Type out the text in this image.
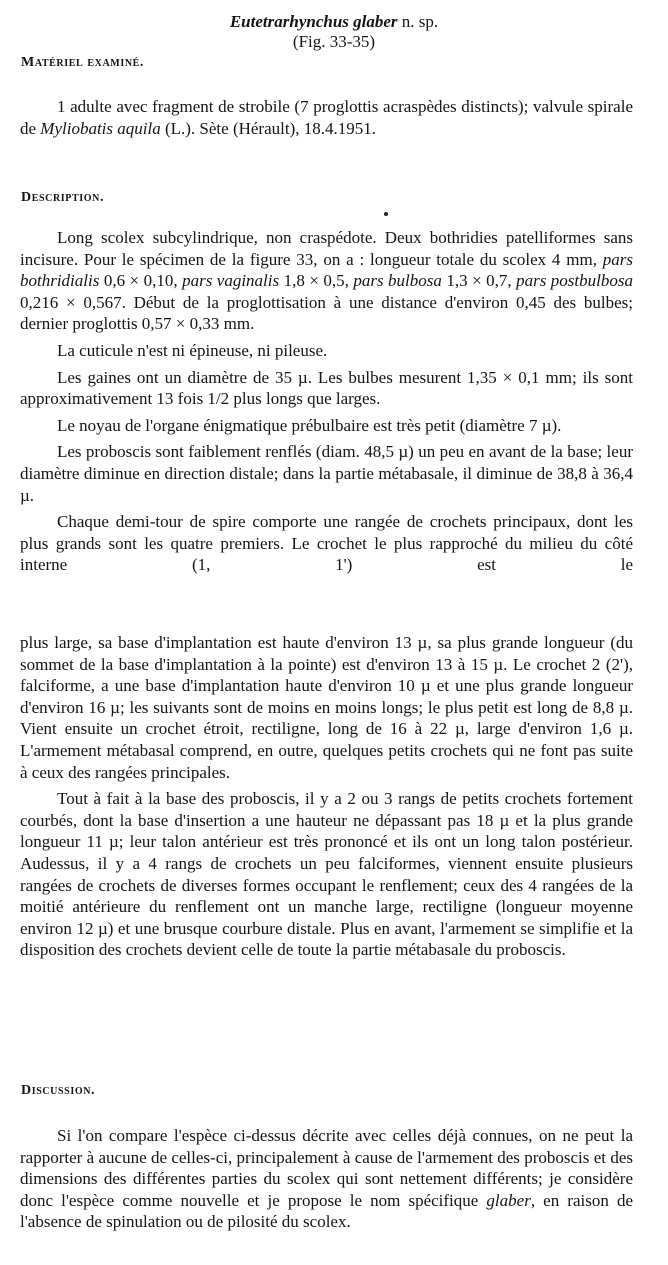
Eutetrarhynchus glaber n. sp.
(Fig. 33-35)
Matériel examiné.

1 adulte avec fragment de strobile (7 proglottis acraspèdes distincts); valvule spirale de Myliobatis aquila (L.). Sète (Hérault), 18.4.1951.

Description.

Long scolex subcylindrique, non craspédote. Deux bothridies patelliformes sans incisure. Pour le spécimen de la figure 33, on a : longueur totale du scolex 4 mm, pars bothridialis 0,6 × 0,10, pars vaginalis 1,8 × 0,5, pars bulbosa 1,3 × 0,7, pars postbulbosa 0,216 × 0,567. Début de la proglottisation à une distance d'environ 0,45 des bulbes; dernier proglottis 0,57 × 0,33 mm.

La cuticule n'est ni épineuse, ni pileuse.

Les gaines ont un diamètre de 35 µ. Les bulbes mesurent 1,35 × 0,1 mm; ils sont approximativement 13 fois 1/2 plus longs que larges.

Le noyau de l'organe énigmatique prébulbaire est très petit (diamètre 7 µ).

Les proboscis sont faiblement renflés (diam. 48,5 µ) un peu en avant de la base; leur diamètre diminue en direction distale; dans la partie métabasale, il diminue de 38,8 à 36,4 µ.

Chaque demi-tour de spire comporte une rangée de crochets principaux, dont les plus grands sont les quatre premiers. Le crochet le plus rapproché du milieu du côté interne (1, 1') est le

plus large, sa base d'implantation est haute d'environ 13 µ, sa plus grande longueur (du sommet de la base d'implantation à la pointe) est d'environ 13 à 15 µ. Le crochet 2 (2'), falciforme, a une base d'implantation haute d'environ 10 µ et une plus grande longueur d'environ 16 µ; les suivants sont de moins en moins longs; le plus petit est long de 8,8 µ. Vient ensuite un crochet étroit, rectiligne, long de 16 à 22 µ, large d'environ 1,6 µ. L'armement métabasal comprend, en outre, quelques petits crochets qui ne font pas suite à ceux des rangées principales.

Tout à fait à la base des proboscis, il y a 2 ou 3 rangs de petits crochets fortement courbés, dont la base d'insertion a une hauteur ne dépassant pas 18 µ et la plus grande longueur 11 µ; leur talon antérieur est très prononcé et ils ont un long talon postérieur. Audessus, il y a 4 rangs de crochets un peu falciformes, viennent ensuite plusieurs rangées de crochets de diverses formes occupant le renflement; ceux des 4 rangées de la moitié antérieure du renflement ont un manche large, rectiligne (longueur moyenne environ 12 µ) et une brusque courbure distale. Plus en avant, l'armement se simplifie et la disposition des crochets devient celle de toute la partie métabasale du proboscis.

Discussion.

Si l'on compare l'espèce ci-dessus décrite avec celles déjà connues, on ne peut la rapporter à aucune de celles-ci, principalement à cause de l'armement des proboscis et des dimensions des différentes parties du scolex qui sont nettement différents; je considère donc l'espèce comme nouvelle et je propose le nom spécifique glaber, en raison de l'absence de spinulation ou de pilosité du scolex.
